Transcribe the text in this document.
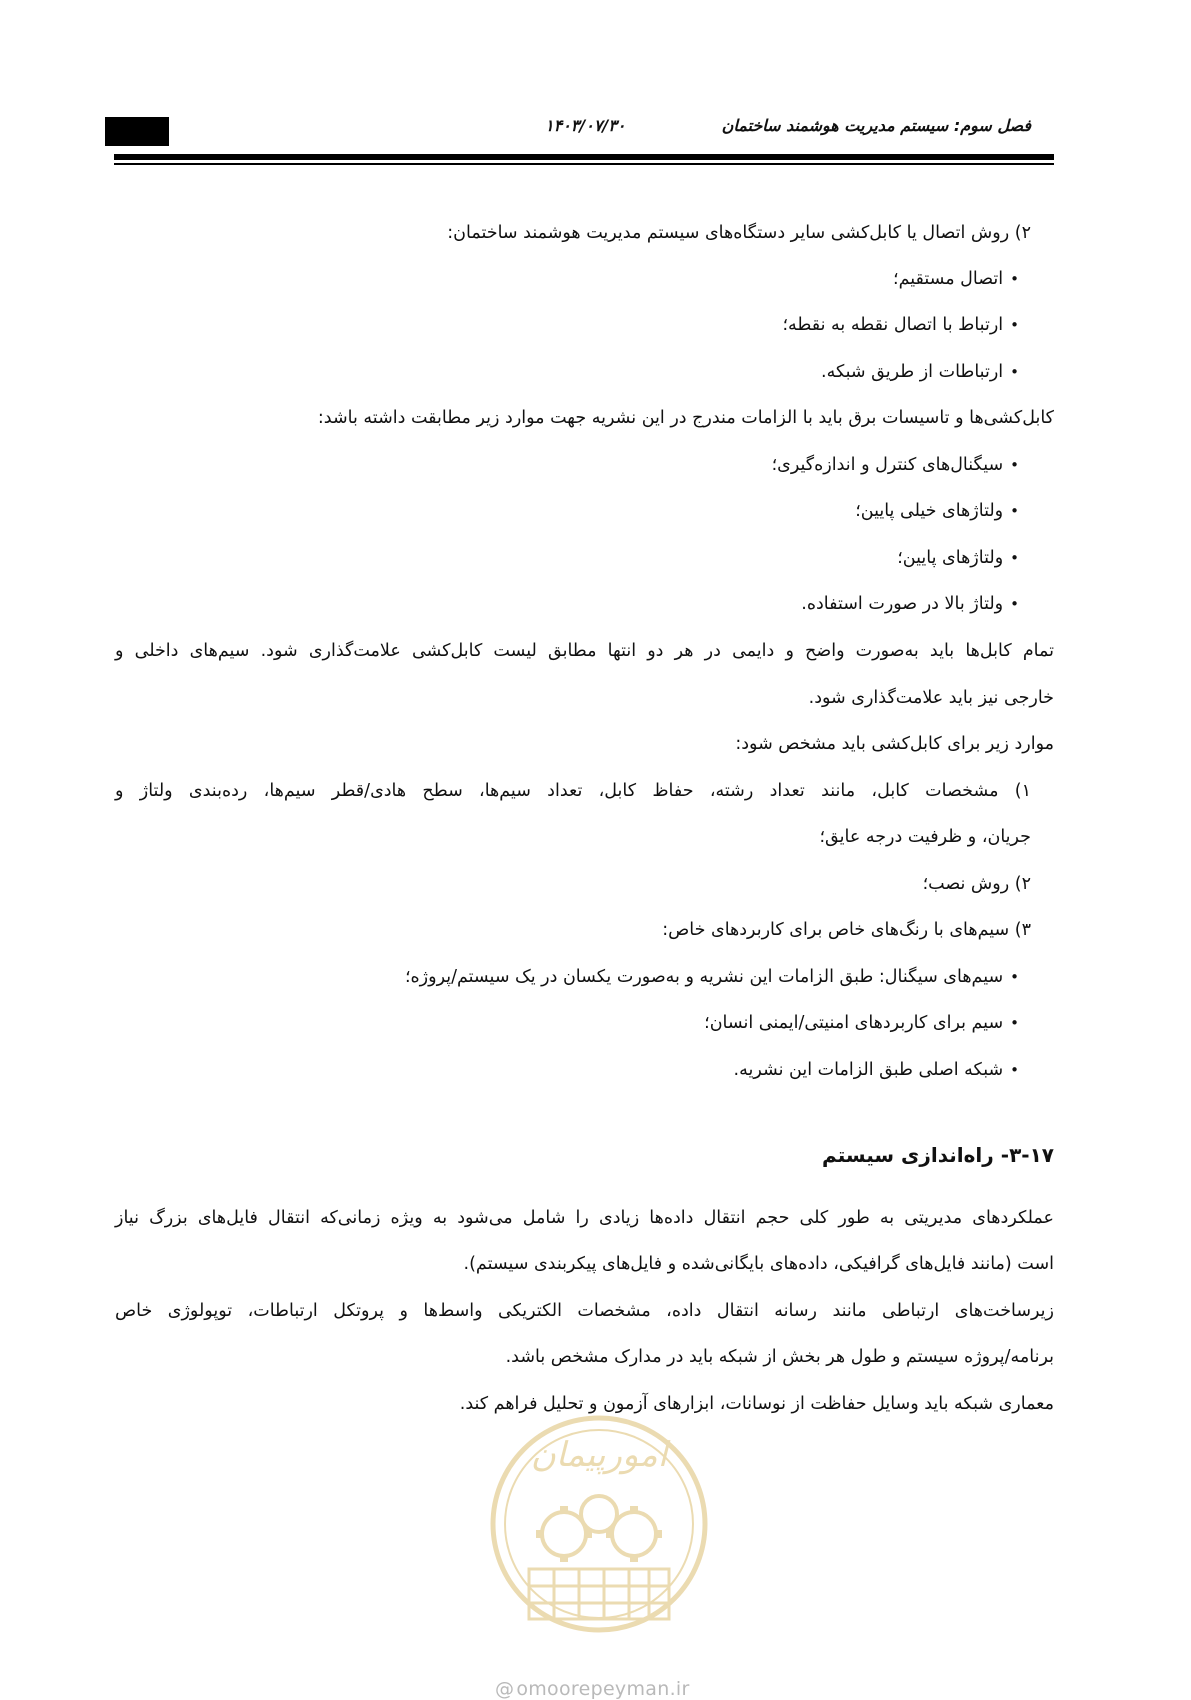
فصل سوم: سیستم مدیریت هوشمند ساختمان
۱۴۰۳/۰۷/۳۰
۲) روش اتصال یا کابل‌کشی سایر دستگاه‌های سیستم مدیریت هوشمند ساختمان:
• اتصال مستقیم؛
• ارتباط با اتصال نقطه به نقطه؛
• ارتباطات از طریق شبکه.
کابل‌کشی‌ها و تاسیسات برق باید با الزامات مندرج در این نشریه جهت موارد زیر مطابقت داشته باشد:
• سیگنال‌های کنترل و اندازه‌گیری؛
• ولتاژهای خیلی پایین؛
• ولتاژهای پایین؛
• ولتاژ بالا در صورت استفاده.
تمام کابل‌ها باید به‌صورت واضح و دایمی در هر دو انتها مطابق لیست کابل‌کشی علامت‌گذاری شود. سیم‌های داخلی و
خارجی نیز باید علامت‌گذاری شود.
موارد زیر برای کابل‌کشی باید مشخص شود:
۱) مشخصات کابل، مانند تعداد رشته، حفاظ کابل، تعداد سیم‌ها، سطح هادی/قطر سیم‌ها، رده‌بندی ولتاژ و
جریان، و ظرفیت درجه عایق؛
۲) روش نصب؛
۳) سیم‌های با رنگ‌های خاص برای کاربردهای خاص:
• سیم‌های سیگنال: طبق الزامات این نشریه و به‌صورت یکسان در یک سیستم/پروژه؛
• سیم برای کاربردهای امنیتی/ایمنی انسان؛
• شبکه اصلی طبق الزامات این نشریه.
۳-۱۷- راه‌اندازی سیستم
عملکردهای مدیریتی به طور کلی حجم انتقال داده‌ها زیادی را شامل می‌شود به ویژه زمانی‌که انتقال فایل‌های بزرگ نیاز
است (مانند فایل‌های گرافیکی، داده‌های بایگانی‌شده و فایل‌های پیکربندی سیستم).
زیرساخت‌های ارتباطی مانند رسانه انتقال داده، مشخصات الکتریکی واسط‌ها و پروتکل ارتباطات، توپولوژی خاص
برنامه/پروژه سیستم و طول هر بخش از شبکه باید در مدارک مشخص باشد.
معماری شبکه باید وسایل حفاظت از نوسانات، ابزارهای آزمون و تحلیل فراهم کند.
امورپیمان
@ omoorepeyman.ir
